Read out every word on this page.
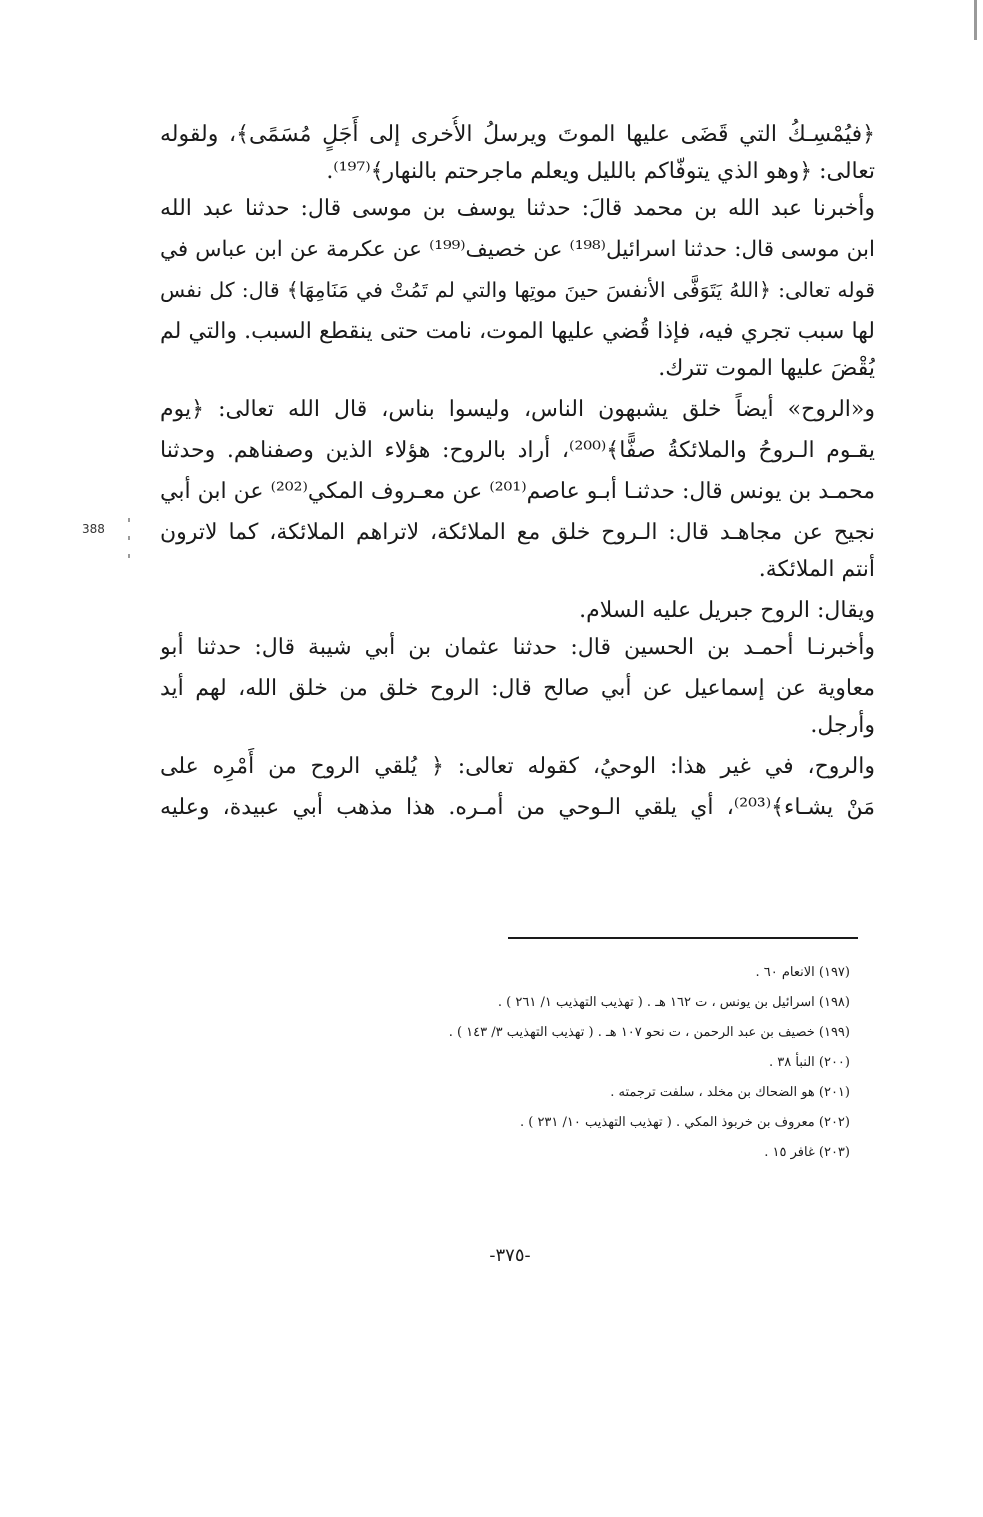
﴿فيُمْسِـكُ التي قَضَى عليها الموتَ ويرسلُ الأُخرى إلى أَجَلٍ مُسَمًى﴾، ولقوله
تعالى: ﴿وهو الذي يتوفّاكم بالليل ويعلم ماجرحتم بالنهار﴾⁽¹⁹⁷⁾.
وأخبرنا عبد الله بن محمد قالَ: حدثنا يوسف بن موسى قال: حدثنا عبد الله
ابن موسى قال: حدثنا اسرائيل⁽¹⁹⁸⁾ عن خصيف⁽¹⁹⁹⁾ عن عكرمة عن ابن عباس في
قوله تعالى: ﴿اللهُ يَتَوَفَّى الأنفسَ حينَ موتِها والتي لم تَمُتْ في مَنَامِهَا﴾ قال: كل نفس
لها سبب تجري فيه، فإذا قُضي عليها الموت، نامت حتى ينقطع السبب. والتي لم
يُقْضَ عليها الموت تترك.
و«الروح» أيضاً خلق يشبهون الناس، وليسوا بناس، قال الله تعالى: ﴿يوم
يقـوم الـروحُ والملائكةُ صفًّا﴾⁽²⁰⁰⁾، أراد بالروح: هؤلاء الذين وصفناهم. وحدثنا
محمـد بن يونس قال: حدثنـا أبـو عاصم⁽²⁰¹⁾ عن معـروف المكي⁽²⁰²⁾ عن ابن أبي
نجيح عن مجاهـد قال: الـروح خلق مع الملائكة، لاتراهم الملائكة، كما لاترون
أنتم الملائكة.
ويقال: الروح جبريل عليه السلام.
وأخبرنـا أحمـد بن الحسين قال: حدثنا عثمان بن أبي شيبة قال: حدثنا أبو
معاوية عن إسماعيل عن أبي صالح قال: الروح خلق من خلق الله، لهم أيد
وأرجل.
والروح، في غير هذا: الوحيُ، كقوله تعالى: ﴿ يُلقي الروح من أَمْرِه على
مَنْ يشـاء﴾⁽²⁰³⁾، أي يلقي الـوحي من أمـره. هذا مذهب أبي عبيدة، وعليه
388
(١٩٧) الانعام ٦٠ .
(١٩٨) اسرائيل بن يونس ، ت ١٦٢ هـ . ( تهذيب التهذيب ١/ ٢٦١ ) .
(١٩٩) خصيف بن عبد الرحمن ، ت نحو ١٠٧ هـ . ( تهذيب التهذيب ٣/ ١٤٣ ) .
(٢٠٠) النبأ ٣٨ .
(٢٠١) هو الضحاك بن مخلد ، سلفت ترجمته .
(٢٠٢) معروف بن خربوذ المكي . ( تهذيب التهذيب ١٠/ ٢٣١ ) .
(٢٠٣) غافر ١٥ .
-٣٧٥-
